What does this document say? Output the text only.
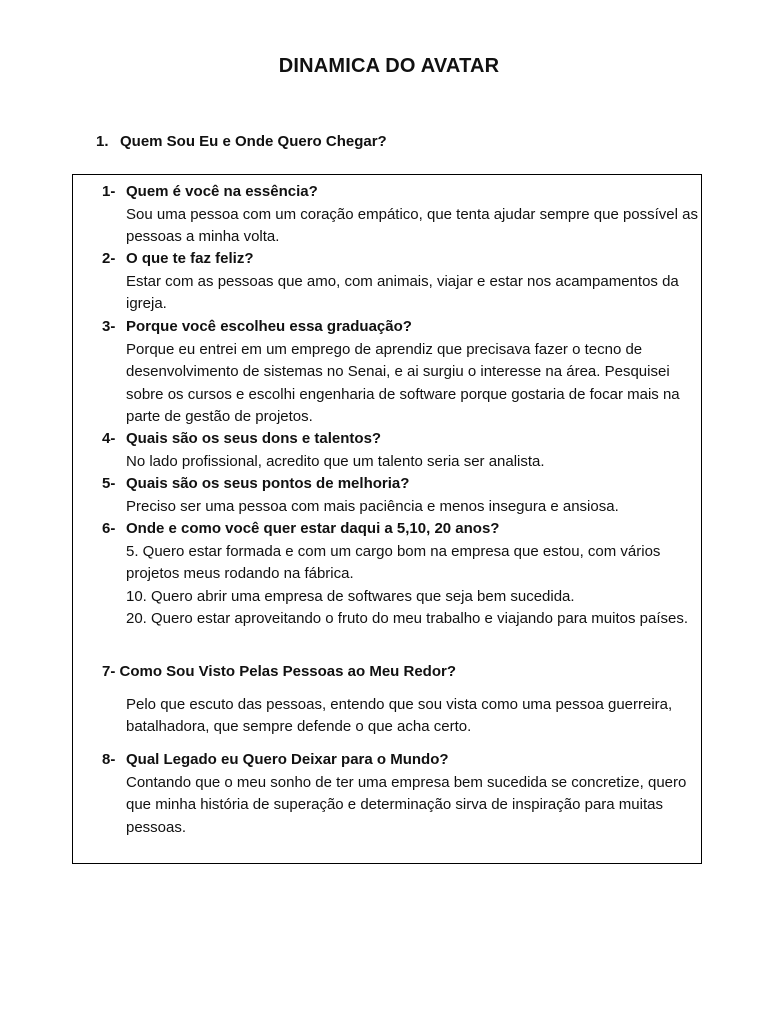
DINAMICA DO AVATAR
1. Quem Sou Eu e Onde Quero Chegar?
1- Quem é você na essência?

Sou uma pessoa com um coração empático, que tenta ajudar sempre que possível as pessoas a minha volta.

2- O que te faz feliz?

Estar com as pessoas que amo, com animais, viajar e estar nos acampamentos da igreja.

3- Porque você escolheu essa graduação?

Porque eu entrei em um emprego de aprendiz que precisava fazer o tecno de desenvolvimento de sistemas no Senai, e ai surgiu o interesse na área. Pesquisei sobre os cursos e escolhi engenharia de software porque gostaria de focar mais na parte de gestão de projetos.

4- Quais são os seus dons e talentos?

No lado profissional, acredito que um talento seria ser analista.

5- Quais são os seus pontos de melhoria?

Preciso ser uma pessoa com mais paciência e menos insegura e ansiosa.

6- Onde e como você quer estar daqui a 5,10, 20 anos?

5. Quero estar formada e com um cargo bom na empresa que estou, com vários projetos meus rodando na fábrica.

10. Quero abrir uma empresa de softwares que seja bem sucedida.

20. Quero estar aproveitando o fruto do meu trabalho e viajando para muitos países.

7- Como Sou Visto Pelas Pessoas ao Meu Redor?

Pelo que escuto das pessoas, entendo que sou vista como uma pessoa guerreira, batalhadora, que sempre defende o que acha certo.

8- Qual Legado eu Quero Deixar para o Mundo?

Contando que o meu sonho de ter uma empresa bem sucedida se concretize, quero que minha história de superação e determinação sirva de inspiração para muitas pessoas.
